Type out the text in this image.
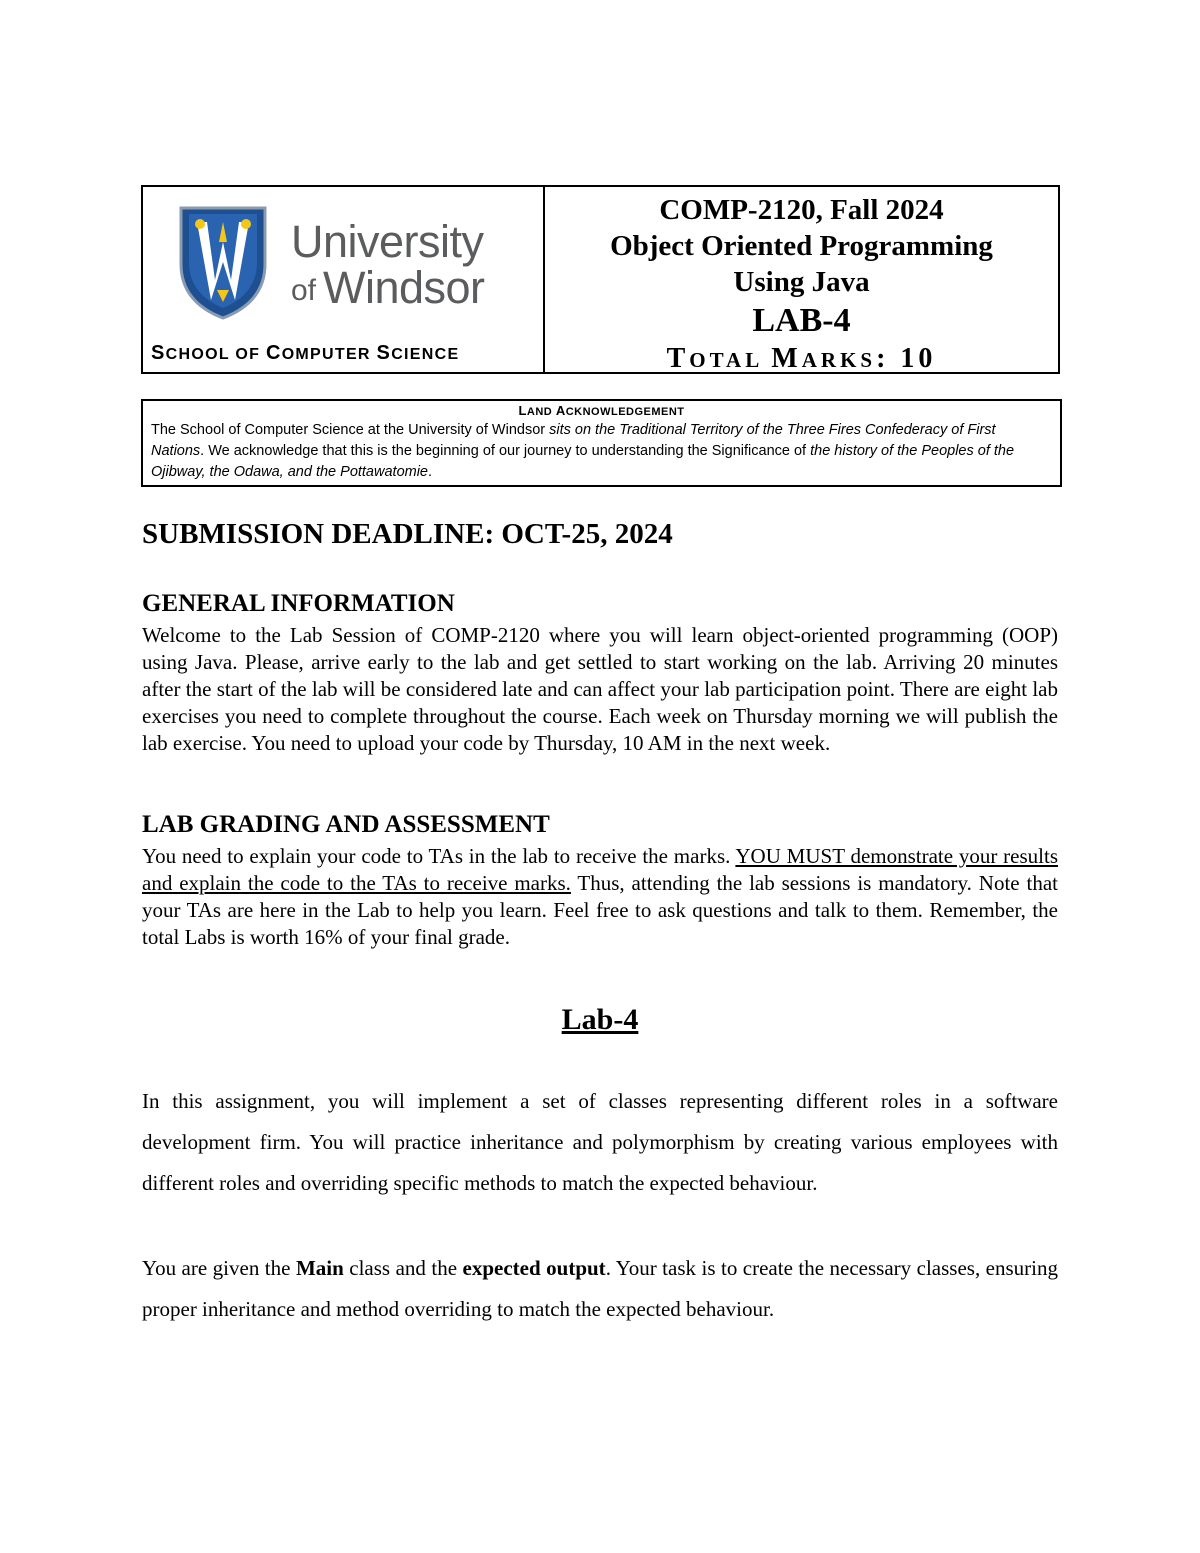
University
of Windsor
SCHOOL OF COMPUTER SCIENCE
COMP-2120, Fall 2024
Object Oriented Programming
Using Java
LAB-4
TOTAL MARKS: 10
LAND ACKNOWLEDGEMENT
The School of Computer Science at the University of Windsor sits on the Traditional Territory of the Three Fires Confederacy of First Nations. We acknowledge that this is the beginning of our journey to understanding the Significance of the history of the Peoples of the Ojibway, the Odawa, and the Pottawatomie.
SUBMISSION DEADLINE: OCT-25, 2024
GENERAL INFORMATION

Welcome to the Lab Session of COMP-2120 where you will learn object-oriented programming (OOP) using Java. Please, arrive early to the lab and get settled to start working on the lab. Arriving 20 minutes after the start of the lab will be considered late and can affect your lab participation point. There are eight lab exercises you need to complete throughout the course. Each week on Thursday morning we will publish the lab exercise. You need to upload your code by Thursday, 10 AM in the next week.

LAB GRADING AND ASSESSMENT

You need to explain your code to TAs in the lab to receive the marks. YOU MUST demonstrate your results and explain the code to the TAs to receive marks. Thus, attending the lab sessions is mandatory. Note that your TAs are here in the Lab to help you learn. Feel free to ask questions and talk to them. Remember, the total Labs is worth 16% of your final grade.

Lab-4

In this assignment, you will implement a set of classes representing different roles in a software development firm. You will practice inheritance and polymorphism by creating various employees with different roles and overriding specific methods to match the expected behaviour.

You are given the Main class and the expected output. Your task is to create the necessary classes, ensuring proper inheritance and method overriding to match the expected behaviour.
